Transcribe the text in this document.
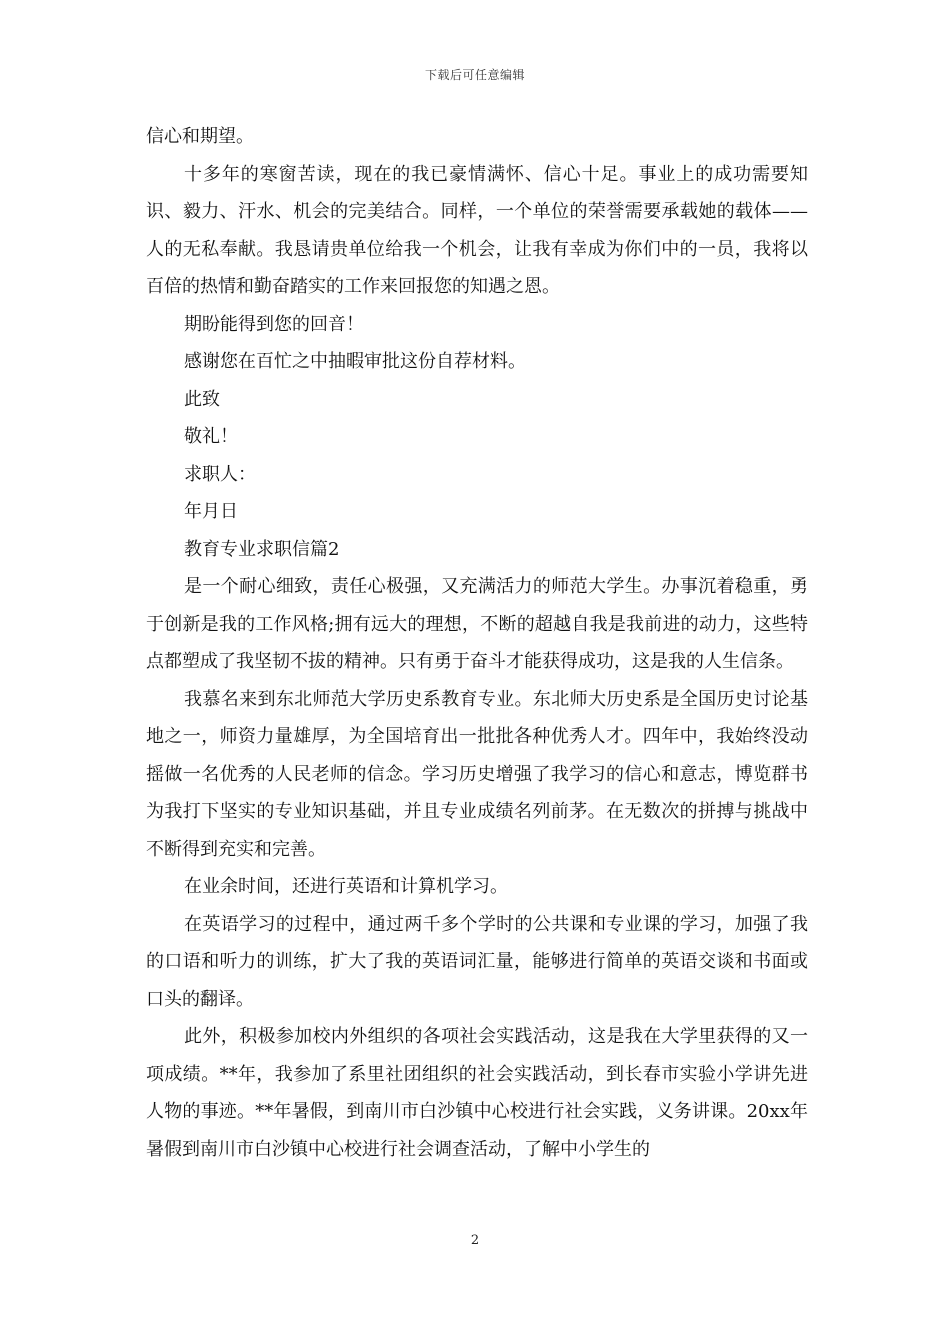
下载后可任意编辑

信心和期望。

十多年的寒窗苦读，现在的我已豪情满怀、信心十足。事业上的成功需要知识、毅力、汗水、机会的完美结合。同样，一个单位的荣誉需要承载她的载体——人的无私奉献。我恳请贵单位给我一个机会，让我有幸成为你们中的一员，我将以百倍的热情和勤奋踏实的工作来回报您的知遇之恩。

期盼能得到您的回音！

感谢您在百忙之中抽暇审批这份自荐材料。

此致

敬礼！

求职人：

年月日

教育专业求职信篇2

是一个耐心细致，责任心极强，又充满活力的师范大学生。办事沉着稳重，勇于创新是我的工作风格;拥有远大的理想，不断的超越自我是我前进的动力，这些特点都塑成了我坚韧不拔的精神。只有勇于奋斗才能获得成功，这是我的人生信条。

我慕名来到东北师范大学历史系教育专业。东北师大历史系是全国历史讨论基地之一，师资力量雄厚，为全国培育出一批批各种优秀人才。四年中，我始终没动摇做一名优秀的人民老师的信念。学习历史增强了我学习的信心和意志，博览群书为我打下坚实的专业知识基础，并且专业成绩名列前茅。在无数次的拼搏与挑战中不断得到充实和完善。

在业余时间，还进行英语和计算机学习。

在英语学习的过程中，通过两千多个学时的公共课和专业课的学习，加强了我的口语和听力的训练，扩大了我的英语词汇量，能够进行简单的英语交谈和书面或口头的翻译。

此外，积极参加校内外组织的各项社会实践活动，这是我在大学里获得的又一项成绩。**年，我参加了系里社团组织的社会实践活动，到长春市实验小学讲先进人物的事迹。**年暑假，到南川市白沙镇中心校进行社会实践，义务讲课。20xx年暑假到南川市白沙镇中心校进行社会调查活动，了解中小学生的

2
